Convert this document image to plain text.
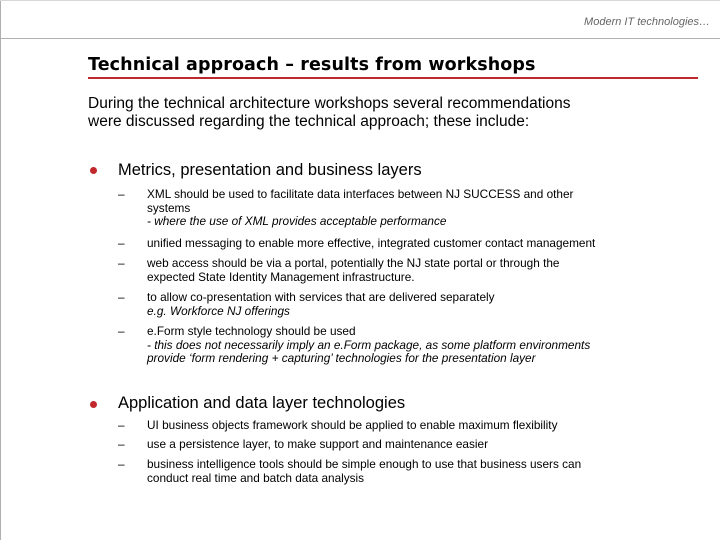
Modern IT technologies…
Technical approach – results from workshops
During the technical architecture workshops several recommendations
were discussed regarding the technical approach; these include:
Metrics, presentation and business layers
–	XML should be used to facilitate data interfaces between NJ SUCCESS and other
systems
- where the use of XML provides acceptable performance
–	unified messaging to enable more effective, integrated customer contact management
–	web access should be via a portal, potentially the NJ state portal or through the
expected State Identity Management infrastructure.
–	to allow co-presentation with services that are delivered separately
e.g. Workforce NJ offerings
–	e.Form style technology should be used
- this does not necessarily imply an e.Form package, as some platform environments
provide ‘form rendering + capturing’ technologies for the presentation layer
Application and data layer technologies
–	UI business objects framework should be applied to enable maximum flexibility
–	use a persistence layer, to make support and maintenance easier
–	business intelligence tools should be simple enough to use that business users can
conduct real time and batch data analysis
